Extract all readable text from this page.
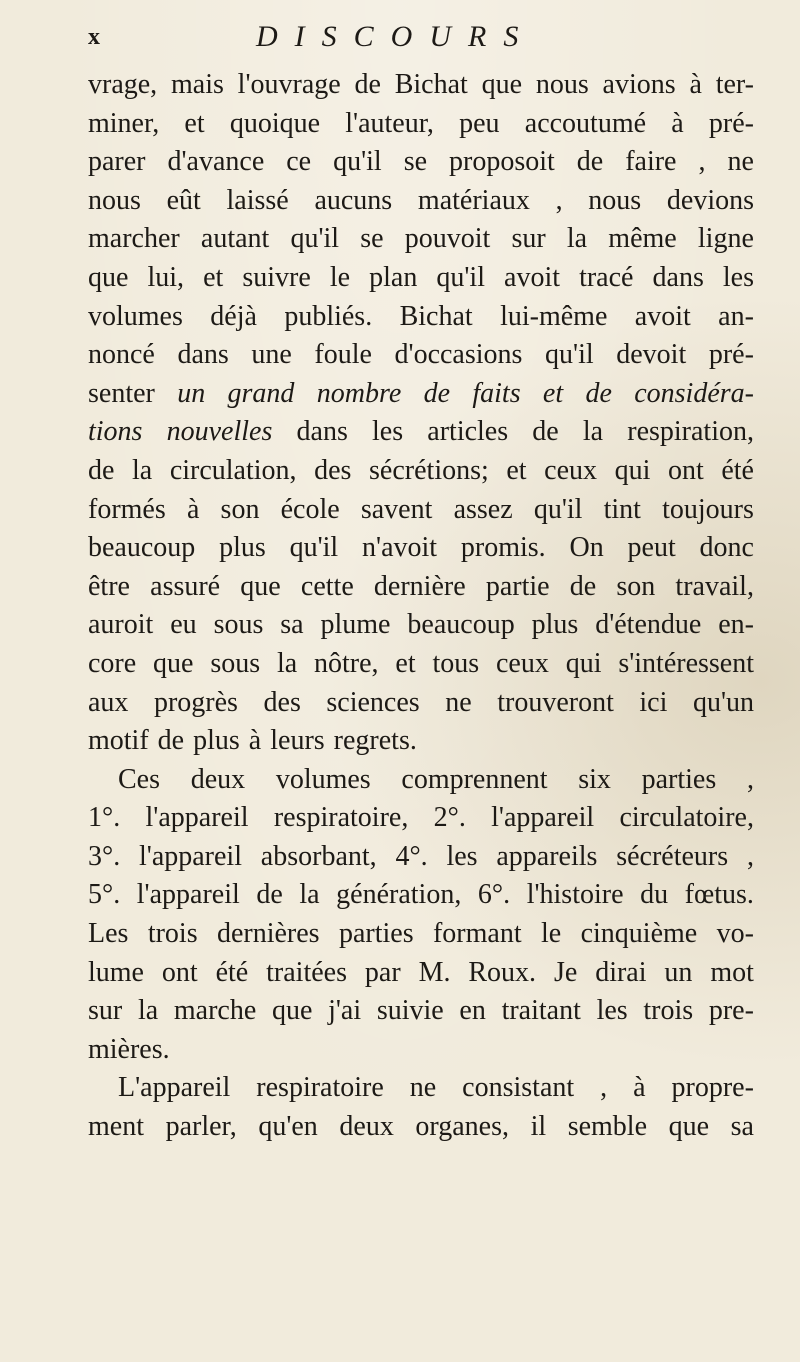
x	DISCOURS
vrage, mais l'ouvrage de Bichat que nous avions à ter-
miner, et quoique l'auteur, peu accoutumé à pré-
parer d'avance ce qu'il se proposoit de faire , ne
nous eût laissé aucuns matériaux , nous devions
marcher autant qu'il se pouvoit sur la même ligne
que lui, et suivre le plan qu'il avoit tracé dans les
volumes déjà publiés. Bichat lui-même avoit an-
noncé dans une foule d'occasions qu'il devoit pré-
senter un grand nombre de faits et de considéra-
tions nouvelles dans les articles de la respiration,
de la circulation, des sécrétions; et ceux qui ont été
formés à son école savent assez qu'il tint toujours
beaucoup plus qu'il n'avoit promis. On peut donc
être assuré que cette dernière partie de son travail,
auroit eu sous sa plume beaucoup plus d'étendue en-
core que sous la nôtre, et tous ceux qui s'intéressent
aux progrès des sciences ne trouveront ici qu'un
motif de plus à leurs regrets.
Ces deux volumes comprennent six parties ,
1°. l'appareil respiratoire, 2°. l'appareil circulatoire,
3°. l'appareil absorbant, 4°. les appareils sécréteurs ,
5°. l'appareil de la génération, 6°. l'histoire du fœtus.
Les trois dernières parties formant le cinquième vo-
lume ont été traitées par M. Roux. Je dirai un mot
sur la marche que j'ai suivie en traitant les trois pre-
mières.
L'appareil respiratoire ne consistant , à propre-
ment parler, qu'en deux organes, il semble que sa
